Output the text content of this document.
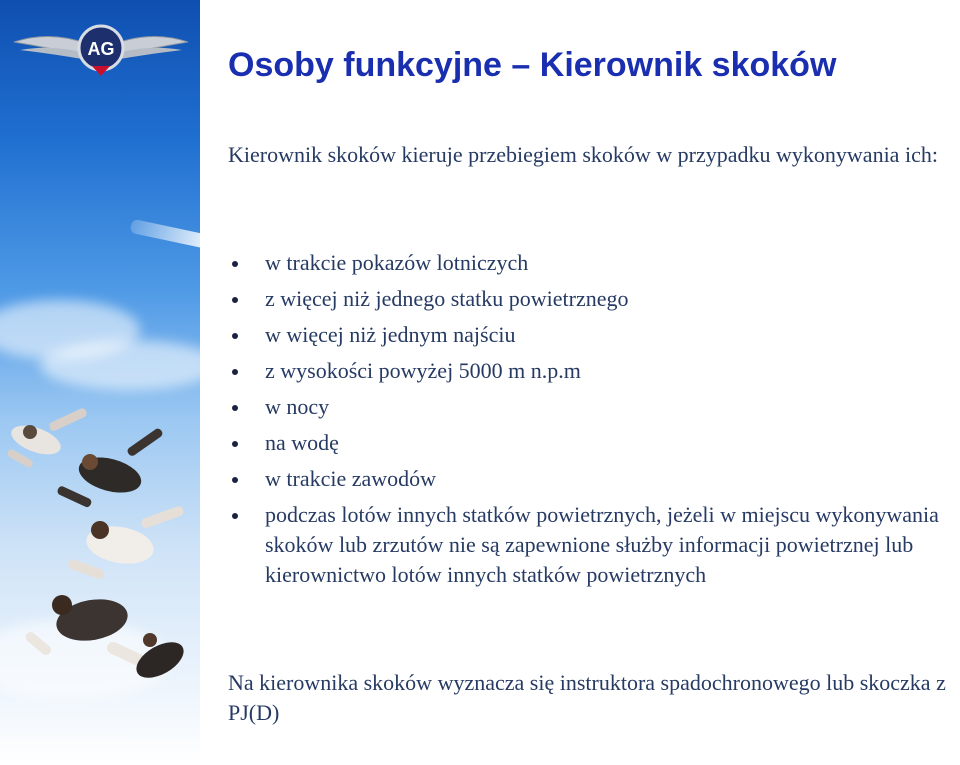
AG	Osoby funkcyjne – Kierownik skoków

Kierownik skoków kieruje przebiegiem skoków w przypadku wykonywania ich:

w trakcie pokazów lotniczych
z więcej niż jednego statku powietrznego
w więcej niż jednym najściu
z wysokości powyżej 5000 m n.p.m
w nocy
na wodę
w trakcie zawodów
podczas lotów innych statków powietrznych, jeżeli w miejscu wykonywania skoków lub zrzutów nie są zapewnione służby informacji powietrznej lub kierownictwo lotów innych statków powietrznych

Na kierownika skoków wyznacza się instruktora spadochronowego lub skoczka z PJ(D)
